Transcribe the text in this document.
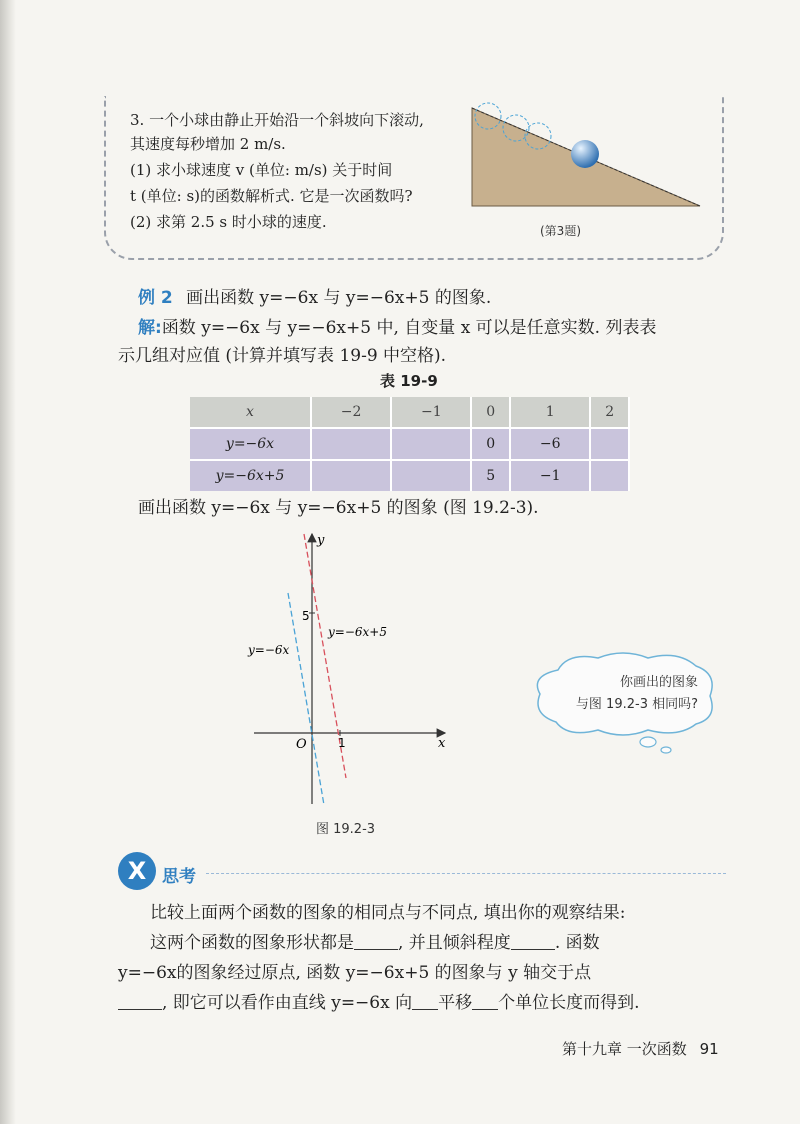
3. 一个小球由静止开始沿一个斜坡向下滚动,
其速度每秒增加 2 m/s.
(1) 求小球速度 v (单位: m/s) 关于时间
t (单位: s)的函数解析式. 它是一次函数吗?
(2) 求第 2.5 s 时小球的速度.	(第3题)
例 2 画出函数 y=−6x 与 y=−6x+5 的图象.
解:函数 y=−6x 与 y=−6x+5 中, 自变量 x 可以是任意实数. 列表表
示几组对应值 (计算并填写表 19-9 中空格).
表 19-9
x	−2	−1	0	1	2
y=−6x			0	−6	
y=−6x+5			5	−1	
画出函数 y=−6x 与 y=−6x+5 的图象 (图 19.2-3).
x
y
O	1
5
y=−6x
y=−6x+5
图 19.2-3
你画出的图象
与图 19.2-3 相同吗?
X 思考
比较上面两个函数的图象的相同点与不同点, 填出你的观察结果:
这两个函数的图象形状都是	, 并且倾斜程度	. 函数
y=−6x的图象经过原点, 函数 y=−6x+5 的图象与 y 轴交于点
, 即它可以看作由直线 y=−6x 向 平移 个单位长度而得到.
第十九章 一次函数 91
